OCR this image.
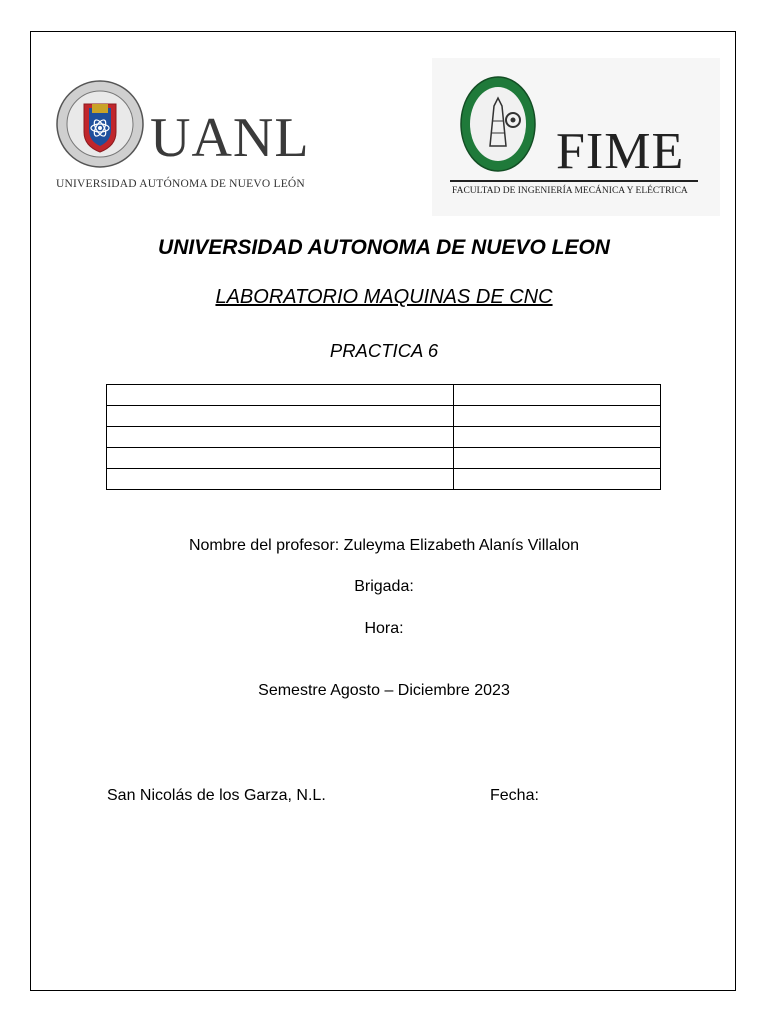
UANL
UNIVERSIDAD AUTÓNOMA DE NUEVO LEÓN
FIME
FACULTAD DE INGENIERÍA MECÁNICA Y ELÉCTRICA
UNIVERSIDAD AUTONOMA DE NUEVO LEON
LABORATORIO MAQUINAS DE CNC
PRACTICA 6

Nombre del profesor: Zuleyma Elizabeth Alanís Villalon
Brigada:
Hora:
Semestre Agosto – Diciembre 2023
San Nicolás de los Garza, N.L.	Fecha:
